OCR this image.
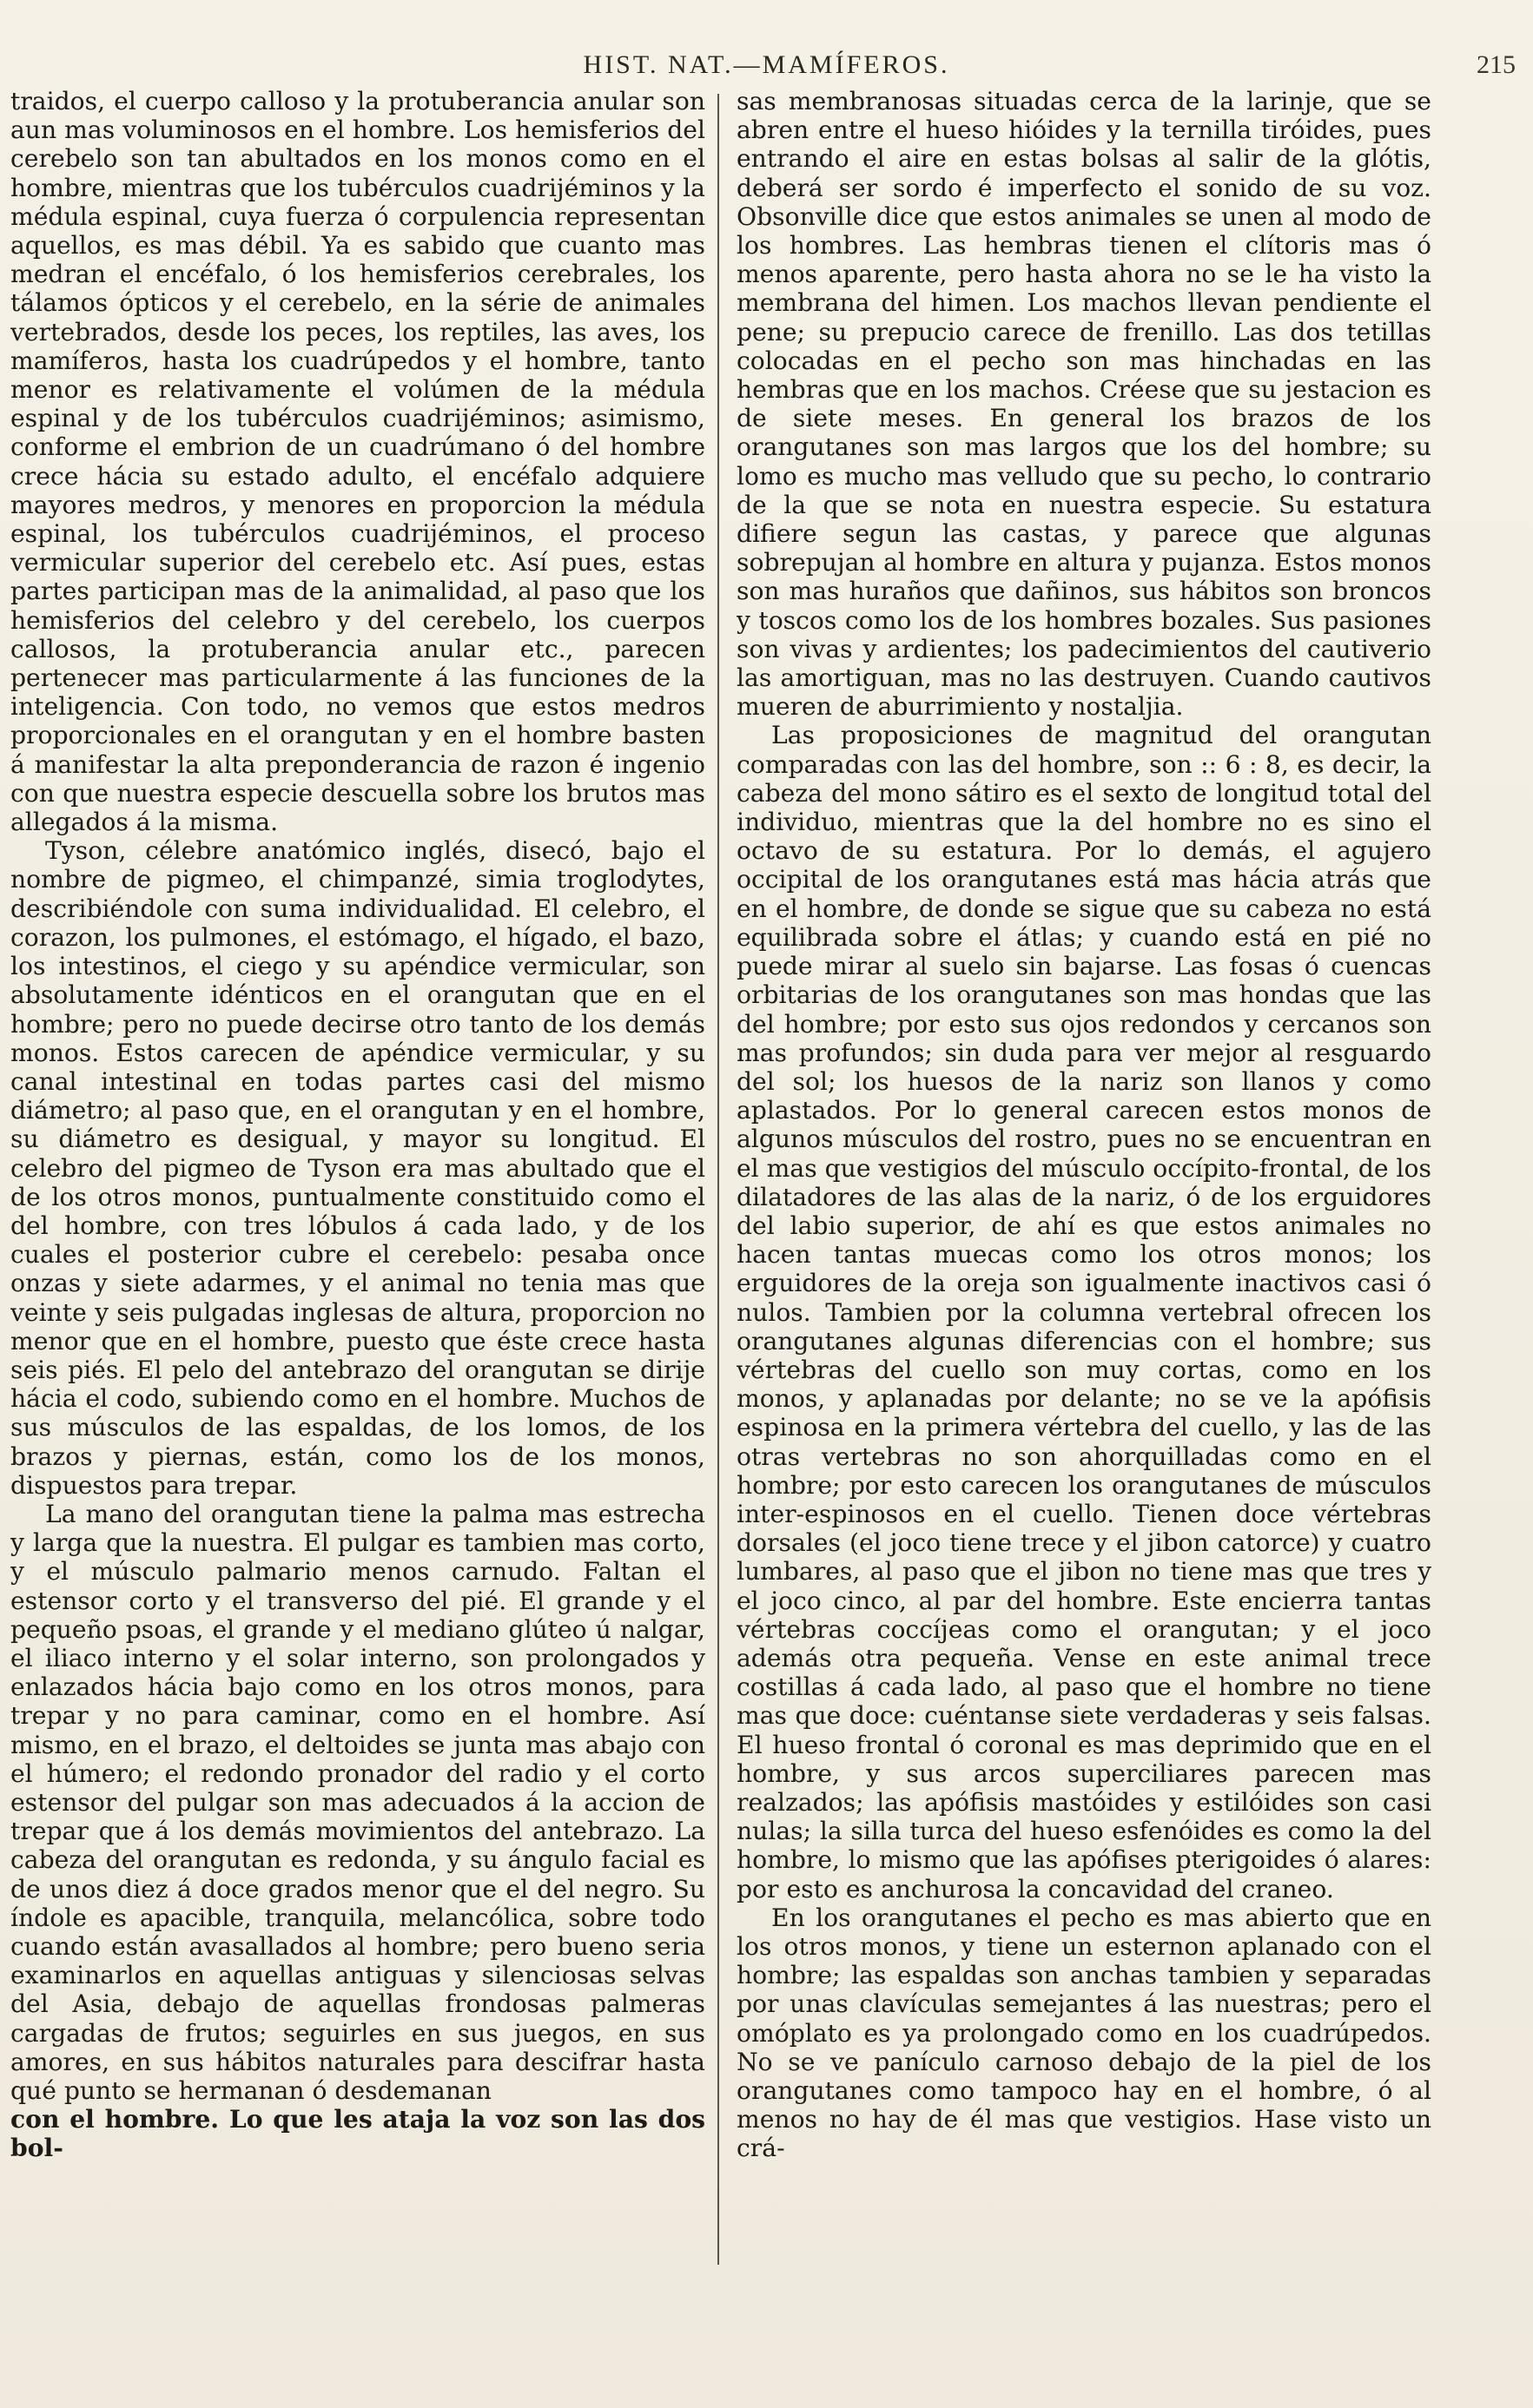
HIST. NAT.—MAMÍFEROS.	215

traidos, el cuerpo calloso y la protuberancia anular son aun mas voluminosos en el hombre. Los hemisferios del cerebelo son tan abultados en los monos como en el hombre, mientras que los tubérculos cuadrijéminos y la médula espinal, cuya fuerza ó corpulencia representan aquellos, es mas débil. Ya es sabido que cuanto mas medran el encéfalo, ó los hemisferios cerebrales, los tálamos ópticos y el cerebelo, en la série de animales vertebrados, desde los peces, los reptiles, las aves, los mamíferos, hasta los cuadrúpedos y el hombre, tanto menor es relativamente el volúmen de la médula espinal y de los tubérculos cuadrijéminos; asimismo, conforme el embrion de un cuadrúmano ó del hombre crece hácia su estado adulto, el encéfalo adquiere mayores medros, y menores en proporcion la médula espinal, los tubérculos cuadrijéminos, el proceso vermicular superior del cerebelo etc. Así pues, estas partes participan mas de la animalidad, al paso que los hemisferios del celebro y del cerebelo, los cuerpos callosos, la protuberancia anular etc., parecen pertenecer mas particularmente á las funciones de la inteligencia. Con todo, no vemos que estos medros proporcionales en el orangutan y en el hombre basten á manifestar la alta preponderancia de razon é ingenio con que nuestra especie descuella sobre los brutos mas allegados á la misma.

Tyson, célebre anatómico inglés, disecó, bajo el nombre de pigmeo, el chimpanzé, simia troglodytes, describiéndole con suma individualidad. El celebro, el corazon, los pulmones, el estómago, el hígado, el bazo, los intestinos, el ciego y su apéndice vermicular, son absolutamente idénticos en el orangutan que en el hombre; pero no puede decirse otro tanto de los demás monos. Estos carecen de apéndice vermicular, y su canal intestinal en todas partes casi del mismo diámetro; al paso que, en el orangutan y en el hombre, su diámetro es desigual, y mayor su longitud. El celebro del pigmeo de Tyson era mas abultado que el de los otros monos, puntualmente constituido como el del hombre, con tres lóbulos á cada lado, y de los cuales el posterior cubre el cerebelo: pesaba once onzas y siete adarmes, y el animal no tenia mas que veinte y seis pulgadas inglesas de altura, proporcion no menor que en el hombre, puesto que éste crece hasta seis piés. El pelo del antebrazo del orangutan se dirije hácia el codo, subiendo como en el hombre. Muchos de sus músculos de las espaldas, de los lomos, de los brazos y piernas, están, como los de los monos, dispuestos para trepar.

La mano del orangutan tiene la palma mas estrecha y larga que la nuestra. El pulgar es tambien mas corto, y el músculo palmario menos carnudo. Faltan el estensor corto y el transverso del pié. El grande y el pequeño psoas, el grande y el mediano glúteo ú nalgar, el iliaco interno y el solar interno, son prolongados y enlazados hácia bajo como en los otros monos, para trepar y no para caminar, como en el hombre. Así mismo, en el brazo, el deltoides se junta mas abajo con el húmero; el redondo pronador del radio y el corto estensor del pulgar son mas adecuados á la accion de trepar que á los demás movimientos del antebrazo. La cabeza del orangutan es redonda, y su ángulo facial es de unos diez á doce grados menor que el del negro. Su índole es apacible, tranquila, melancólica, sobre todo cuando están avasallados al hombre; pero bueno seria examinarlos en aquellas antiguas y silenciosas selvas del Asia, debajo de aquellas frondosas palmeras cargadas de frutos; seguirles en sus juegos, en sus amores, en sus hábitos naturales para descifrar hasta qué punto se hermanan ó desdemanan

con el hombre. Lo que les ataja la voz son las dos bol-

sas membranosas situadas cerca de la larinje, que se abren entre el hueso hióides y la ternilla tiróides, pues entrando el aire en estas bolsas al salir de la glótis, deberá ser sordo é imperfecto el sonido de su voz. Obsonville dice que estos animales se unen al modo de los hombres. Las hembras tienen el clítoris mas ó menos aparente, pero hasta ahora no se le ha visto la membrana del himen. Los machos llevan pendiente el pene; su prepucio carece de frenillo. Las dos tetillas colocadas en el pecho son mas hinchadas en las hembras que en los machos. Créese que su jestacion es de siete meses. En general los brazos de los orangutanes son mas largos que los del hombre; su lomo es mucho mas velludo que su pecho, lo contrario de la que se nota en nuestra especie. Su estatura difiere segun las castas, y parece que algunas sobrepujan al hombre en altura y pujanza. Estos monos son mas huraños que dañinos, sus hábitos son broncos y toscos como los de los hombres bozales. Sus pasiones son vivas y ardientes; los padecimientos del cautiverio las amortiguan, mas no las destruyen. Cuando cautivos mueren de aburrimiento y nostaljia.

Las proposiciones de magnitud del orangutan comparadas con las del hombre, son :: 6 : 8, es decir, la cabeza del mono sátiro es el sexto de longitud total del individuo, mientras que la del hombre no es sino el octavo de su estatura. Por lo demás, el agujero occipital de los orangutanes está mas hácia atrás que en el hombre, de donde se sigue que su cabeza no está equilibrada sobre el átlas; y cuando está en pié no puede mirar al suelo sin bajarse. Las fosas ó cuencas orbitarias de los orangutanes son mas hondas que las del hombre; por esto sus ojos redondos y cercanos son mas profundos; sin duda para ver mejor al resguardo del sol; los huesos de la nariz son llanos y como aplastados. Por lo general carecen estos monos de algunos músculos del rostro, pues no se encuentran en el mas que vestigios del músculo occípito-frontal, de los dilatadores de las alas de la nariz, ó de los erguidores del labio superior, de ahí es que estos animales no hacen tantas muecas como los otros monos; los erguidores de la oreja son igualmente inactivos casi ó nulos. Tambien por la columna vertebral ofrecen los orangutanes algunas diferencias con el hombre; sus vértebras del cuello son muy cortas, como en los monos, y aplanadas por delante; no se ve la apófisis espinosa en la primera vértebra del cuello, y las de las otras vertebras no son ahorquilladas como en el hombre; por esto carecen los orangutanes de músculos inter-espinosos en el cuello. Tienen doce vértebras dorsales (el joco tiene trece y el jibon catorce) y cuatro lumbares, al paso que el jibon no tiene mas que tres y el joco cinco, al par del hombre. Este encierra tantas vértebras coccíjeas como el orangutan; y el joco además otra pequeña. Vense en este animal trece costillas á cada lado, al paso que el hombre no tiene mas que doce: cuéntanse siete verdaderas y seis falsas. El hueso frontal ó coronal es mas deprimido que en el hombre, y sus arcos superciliares parecen mas realzados; las apófisis mastóides y estilóides son casi nulas; la silla turca del hueso esfenóides es como la del hombre, lo mismo que las apófises pterigoides ó alares: por esto es anchurosa la concavidad del craneo.

En los orangutanes el pecho es mas abierto que en los otros monos, y tiene un esternon aplanado con el hombre; las espaldas son anchas tambien y separadas por unas clavículas semejantes á las nuestras; pero el omóplato es ya prolongado como en los cuadrúpedos. No se ve panículo carnoso debajo de la piel de los orangutanes como tampoco hay en el hombre, ó al menos no hay de él mas que vestigios. Hase visto un crá-
